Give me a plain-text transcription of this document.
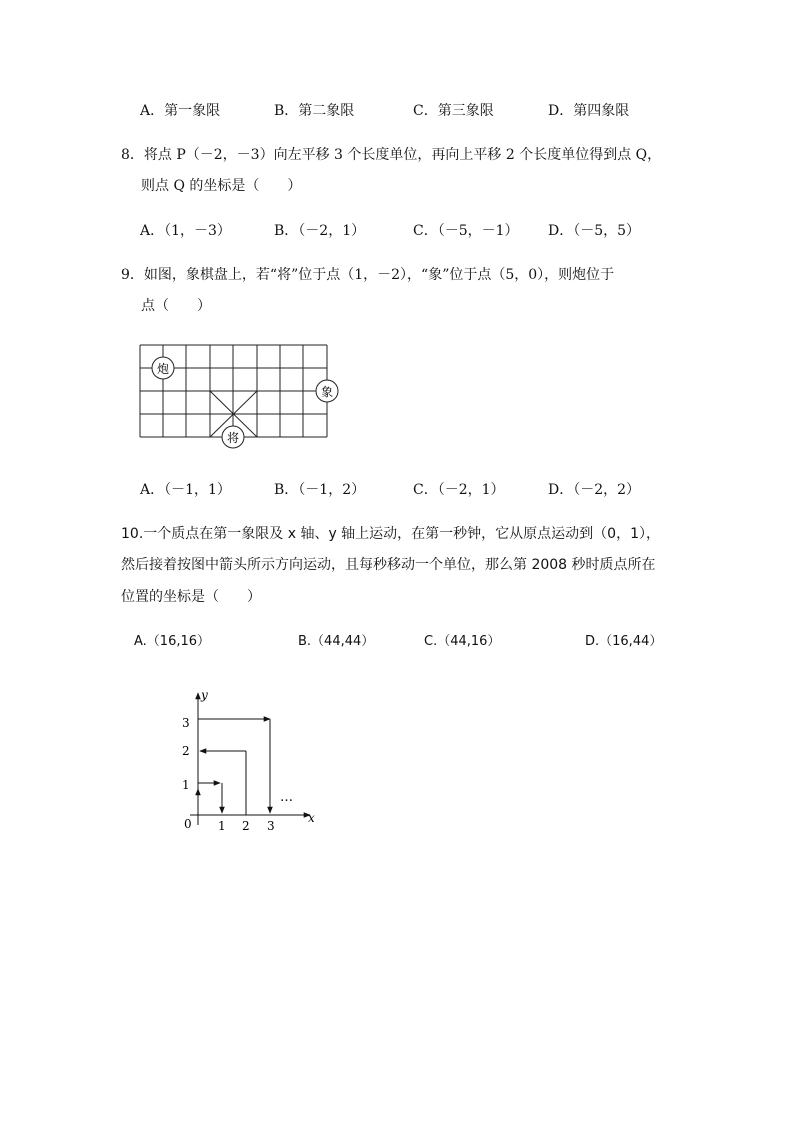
A．第一象限	B．第二象限	C．第三象限	D．第四象限
8．将点 P（－2，－3）向左平移 3 个长度单位，再向上平移 2 个长度单位得到点 Q，
则点 Q 的坐标是（　　）
A．（1，－3）	B．（－2，1）	C．（－5，－1） D．（－5，5）
9．如图，象棋盘上，若“将”位于点（1，－2），“象”位于点（5，0），则炮位于
点（　　）
炮
象
将
A．（－1，1）	B．（－1，2）	C．（－2，1）	D．（－2，2）
10.一个质点在第一象限及 x 轴、y 轴上运动，在第一秒钟，它从原点运动到（0，1），
然后接着按图中箭头所示方向运动，且每秒移动一个单位，那么第 2008 秒时质点所在
位置的坐标是（　　）
A.（16,16）	B.（44,44）	C.（44,16）	D.（16,44）
y
x
0 1 2 3
1
2
3
…
